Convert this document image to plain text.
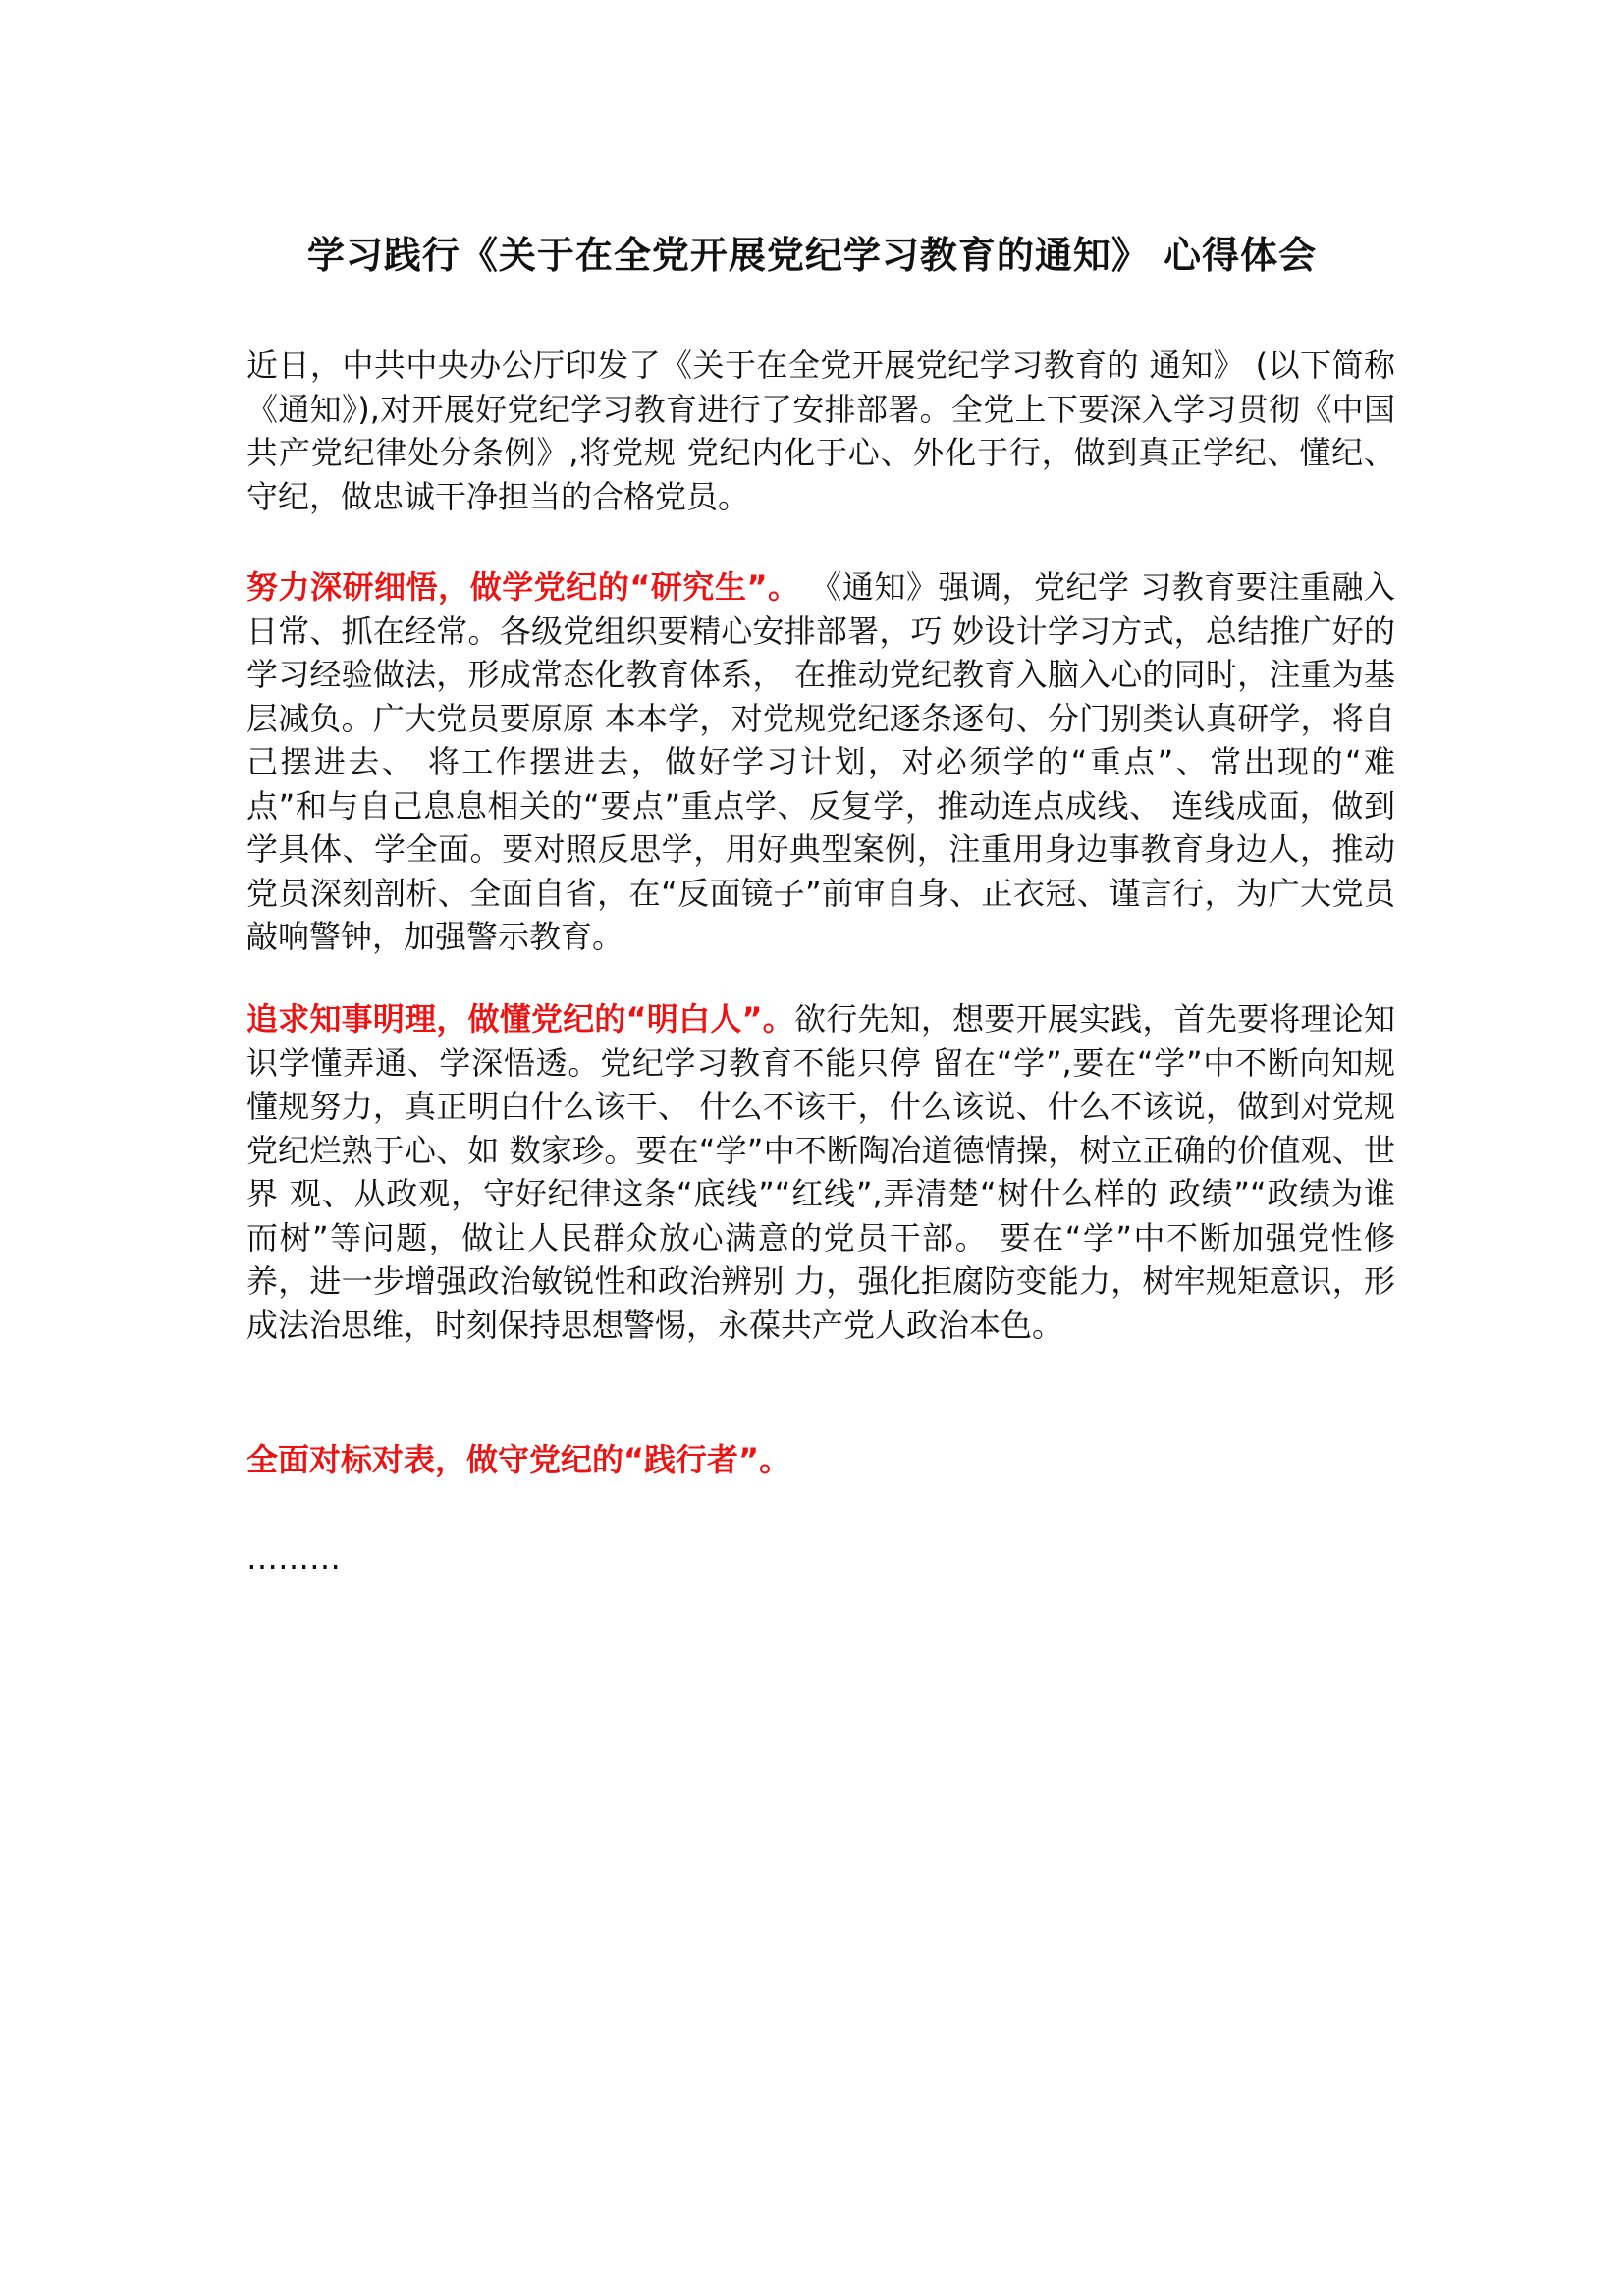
学习践行《关于在全党开展党纪学习教育的通知》 心得体会

近日，中共中央办公厅印发了《关于在全党开展党纪学习教育的 通知》 (以下简称《通知》),对开展好党纪学习教育进行了安排部署。全党上下要深入学习贯彻《中国共产党纪律处分条例》,将党规 党纪内化于心、外化于行，做到真正学纪、懂纪、守纪，做忠诚干净担当的合格党员。

努力深研细悟，做学党纪的“研究生”。 《通知》强调，党纪学 习教育要注重融入日常、抓在经常。各级党组织要精心安排部署，巧 妙设计学习方式，总结推广好的学习经验做法，形成常态化教育体系， 在推动党纪教育入脑入心的同时，注重为基层减负。广大党员要原原 本本学，对党规党纪逐条逐句、分门别类认真研学，将自己摆进去、 将工作摆进去，做好学习计划，对必须学的“重点”、常出现的“难 点”和与自己息息相关的“要点”重点学、反复学，推动连点成线、 连线成面，做到学具体、学全面。要对照反思学，用好典型案例，注重用身边事教育身边人，推动党员深刻剖析、全面自省，在“反面镜子”前审自身、正衣冠、谨言行，为广大党员敲响警钟，加强警示教育。

追求知事明理，做懂党纪的“明白人”。欲行先知，想要开展实践，首先要将理论知识学懂弄通、学深悟透。党纪学习教育不能只停 留在“学”,要在“学”中不断向知规懂规努力，真正明白什么该干、 什么不该干，什么该说、什么不该说，做到对党规党纪烂熟于心、如 数家珍。要在“学”中不断陶冶道德情操，树立正确的价值观、世界 观、从政观，守好纪律这条“底线”“红线”,弄清楚“树什么样的 政绩”“政绩为谁而树”等问题，做让人民群众放心满意的党员干部。 要在“学”中不断加强党性修养，进一步增强政治敏锐性和政治辨别 力，强化拒腐防变能力，树牢规矩意识，形成法治思维，时刻保持思想警惕，永葆共产党人政治本色。

全面对标对表，做守党纪的“践行者”。

………
